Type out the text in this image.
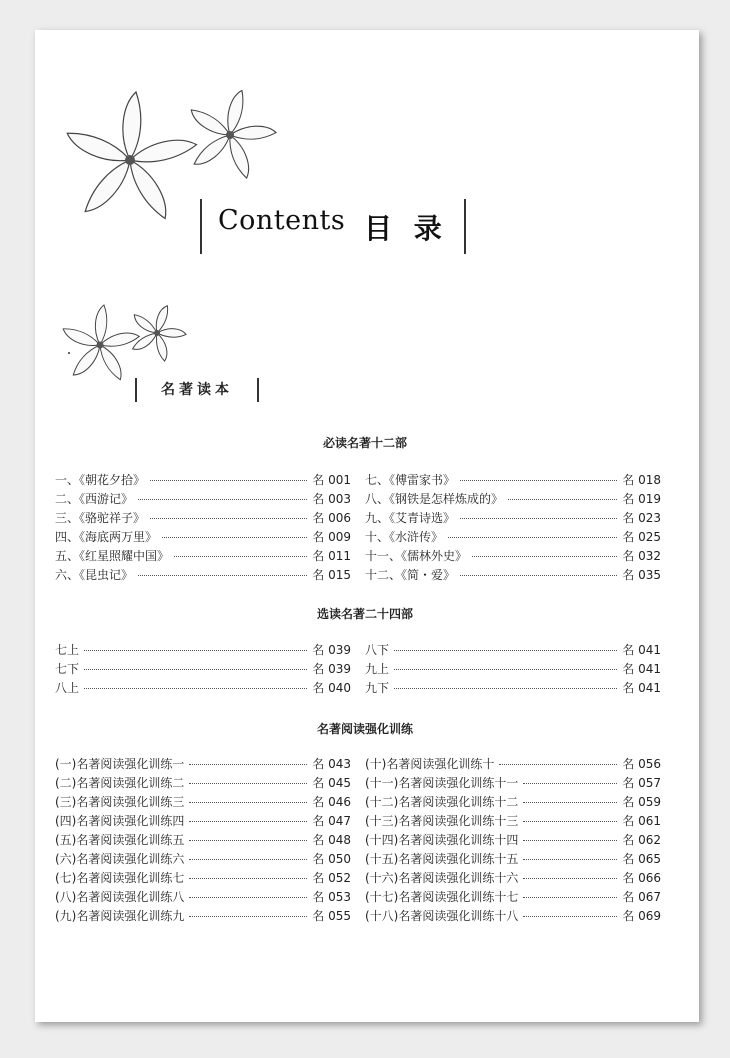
Contents 目 录
名著读本
必读名著十二部
一、《朝花夕拾》	名 001
二、《西游记》	名 003
三、《骆驼祥子》	名 006
四、《海底两万里》	名 009
五、《红星照耀中国》	名 011
六、《昆虫记》	名 015
七、《傅雷家书》	名 018
八、《钢铁是怎样炼成的》	名 019
九、《艾青诗选》	名 023
十、《水浒传》	名 025
十一、《儒林外史》	名 032
十二、《简・爱》	名 035
选读名著二十四部
七上	名 039
七下	名 039
八上	名 040
八下	名 041
九上	名 041
九下	名 041
名著阅读强化训练
(一)名著阅读强化训练一	名 043
(二)名著阅读强化训练二	名 045
(三)名著阅读强化训练三	名 046
(四)名著阅读强化训练四	名 047
(五)名著阅读强化训练五	名 048
(六)名著阅读强化训练六	名 050
(七)名著阅读强化训练七	名 052
(八)名著阅读强化训练八	名 053
(九)名著阅读强化训练九	名 055
(十)名著阅读强化训练十	名 056
(十一)名著阅读强化训练十一	名 057
(十二)名著阅读强化训练十二	名 059
(十三)名著阅读强化训练十三	名 061
(十四)名著阅读强化训练十四	名 062
(十五)名著阅读强化训练十五	名 065
(十六)名著阅读强化训练十六	名 066
(十七)名著阅读强化训练十七	名 067
(十八)名著阅读强化训练十八	名 069
